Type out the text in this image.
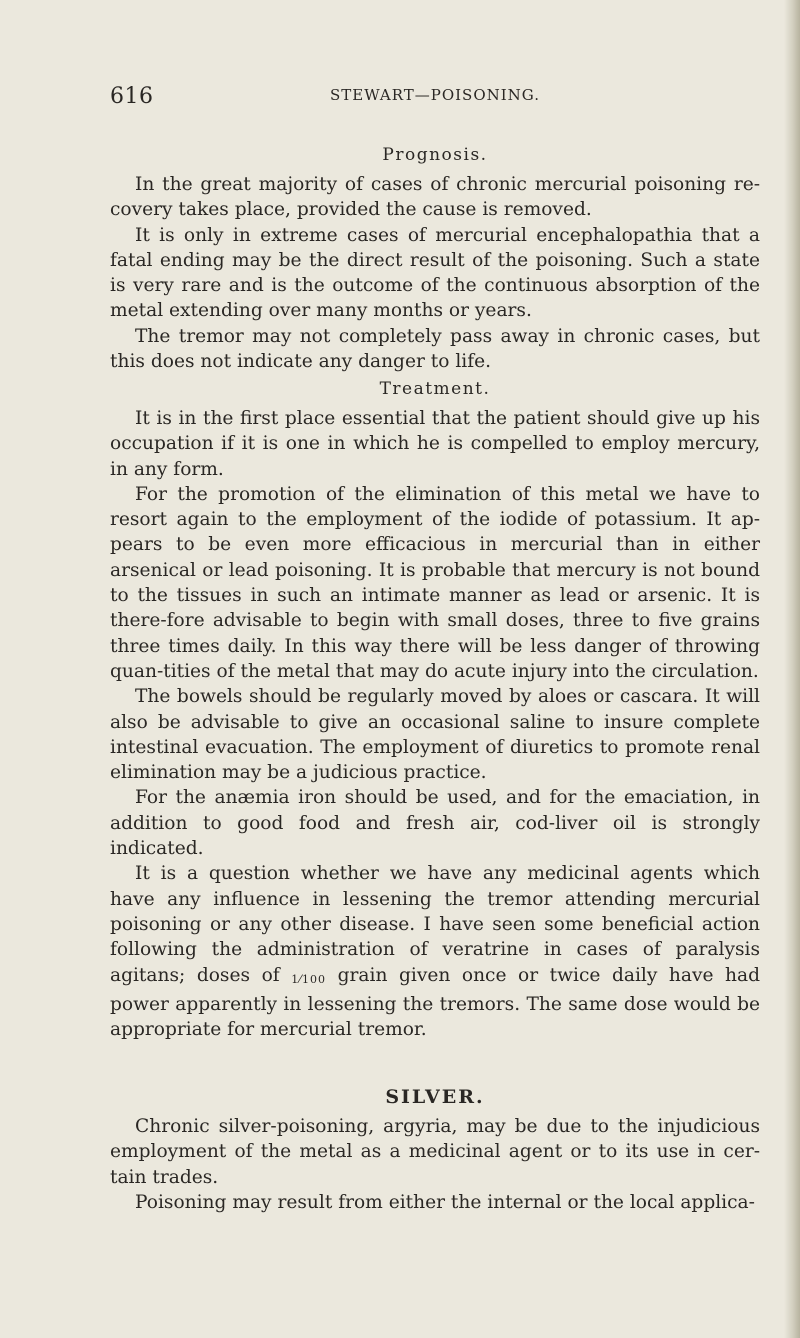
616	STEWART—POISONING.
Prognosis.

In the great majority of cases of chronic mercurial poisoning re-covery takes place, provided the cause is removed.

It is only in extreme cases of mercurial encephalopathia that a fatal ending may be the direct result of the poisoning. Such a state is very rare and is the outcome of the continuous absorption of the metal extending over many months or years.

The tremor may not completely pass away in chronic cases, but this does not indicate any danger to life.

Treatment.

It is in the first place essential that the patient should give up his occupation if it is one in which he is compelled to employ mercury, in any form.

For the promotion of the elimination of this metal we have to resort again to the employment of the iodide of potassium. It ap-pears to be even more efficacious in mercurial than in either arsenical or lead poisoning. It is probable that mercury is not bound to the tissues in such an intimate manner as lead or arsenic. It is there-fore advisable to begin with small doses, three to five grains three times daily. In this way there will be less danger of throwing quan-tities of the metal that may do acute injury into the circulation.

The bowels should be regularly moved by aloes or cascara. It will also be advisable to give an occasional saline to insure complete intestinal evacuation. The employment of diuretics to promote renal elimination may be a judicious practice.

For the anæmia iron should be used, and for the emaciation, in addition to good food and fresh air, cod-liver oil is strongly indicated.

It is a question whether we have any medicinal agents which have any influence in lessening the tremor attending mercurial poisoning or any other disease. I have seen some beneficial action following the administration of veratrine in cases of paralysis agitans; doses of 1⁄100 grain given once or twice daily have had power apparently in lessening the tremors. The same dose would be appropriate for mercurial tremor.

SILVER.

Chronic silver-poisoning, argyria, may be due to the injudicious employment of the metal as a medicinal agent or to its use in cer-tain trades.

Poisoning may result from either the internal or the local applica-
